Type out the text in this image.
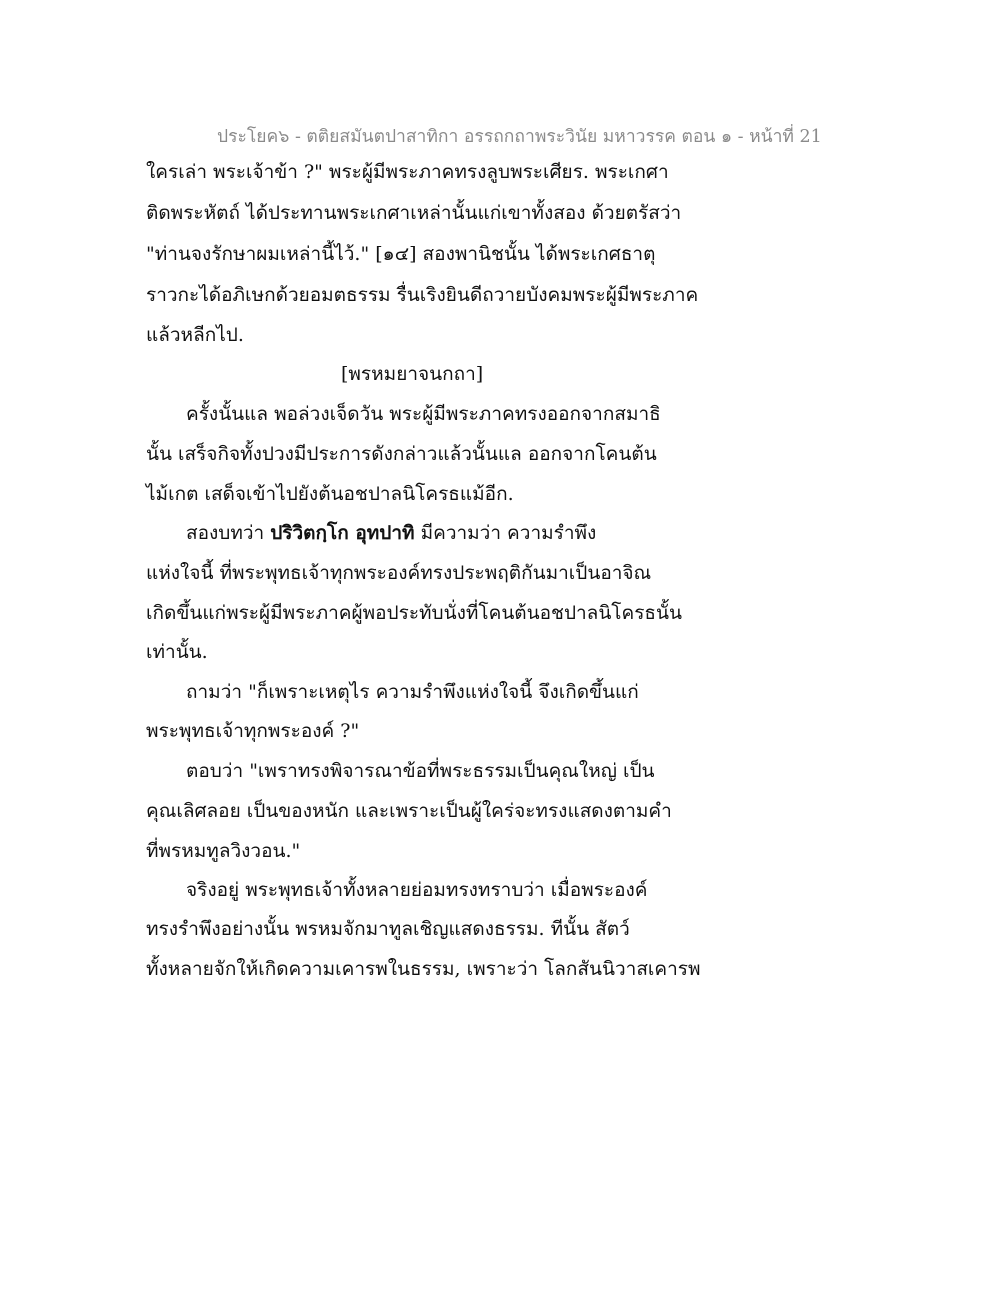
ประโยค๖ - ตติยสมันตปาสาทิกา อรรถกถาพระวินัย มหาวรรค ตอน ๑ - หน้าที่ 21
ใครเล่า พระเจ้าข้า ?" พระผู้มีพระภาคทรงลูบพระเศียร. พระเกศา
ติดพระหัตถ์ ได้ประทานพระเกศาเหล่านั้นแก่เขาทั้งสอง ด้วยตรัสว่า
"ท่านจงรักษาผมเหล่านี้ไว้." [๑๔] สองพานิชนั้น ได้พระเกศธาตุ
ราวกะได้อภิเษกด้วยอมตธรรม รื่นเริงยินดีถวายบังคมพระผู้มีพระภาค
แล้วหลีกไป.
[พรหมยาจนกถา]
ครั้งนั้นแล พอล่วงเจ็ดวัน พระผู้มีพระภาคทรงออกจากสมาธิ
นั้น เสร็จกิจทั้งปวงมีประการดังกล่าวแล้วนั้นแล ออกจากโคนต้น
ไม้เกต เสด็จเข้าไปยังต้นอชปาลนิโครธแม้อีก.
สองบทว่า ปริวิตกฺโก อุทปาทิ มีความว่า ความรำพึง
แห่งใจนี้ ที่พระพุทธเจ้าทุกพระองค์ทรงประพฤติกันมาเป็นอาจิณ
เกิดขึ้นแก่พระผู้มีพระภาคผู้พอประทับนั่งที่โคนต้นอชปาลนิโครธนั้น
เท่านั้น.
ถามว่า "ก็เพราะเหตุไร ความรำพึงแห่งใจนี้ จึงเกิดขึ้นแก่
พระพุทธเจ้าทุกพระองค์ ?"
ตอบว่า "เพราทรงพิจารณาข้อที่พระธรรมเป็นคุณใหญ่ เป็น
คุณเลิศลอย เป็นของหนัก และเพราะเป็นผู้ใคร่จะทรงแสดงตามคำ
ที่พรหมทูลวิงวอน."
จริงอยู่ พระพุทธเจ้าทั้งหลายย่อมทรงทราบว่า เมื่อพระองค์
ทรงรำพึงอย่างนั้น พรหมจักมาทูลเชิญแสดงธรรม. ทีนั้น สัตว์
ทั้งหลายจักให้เกิดความเคารพในธรรม, เพราะว่า โลกสันนิวาสเคารพ
